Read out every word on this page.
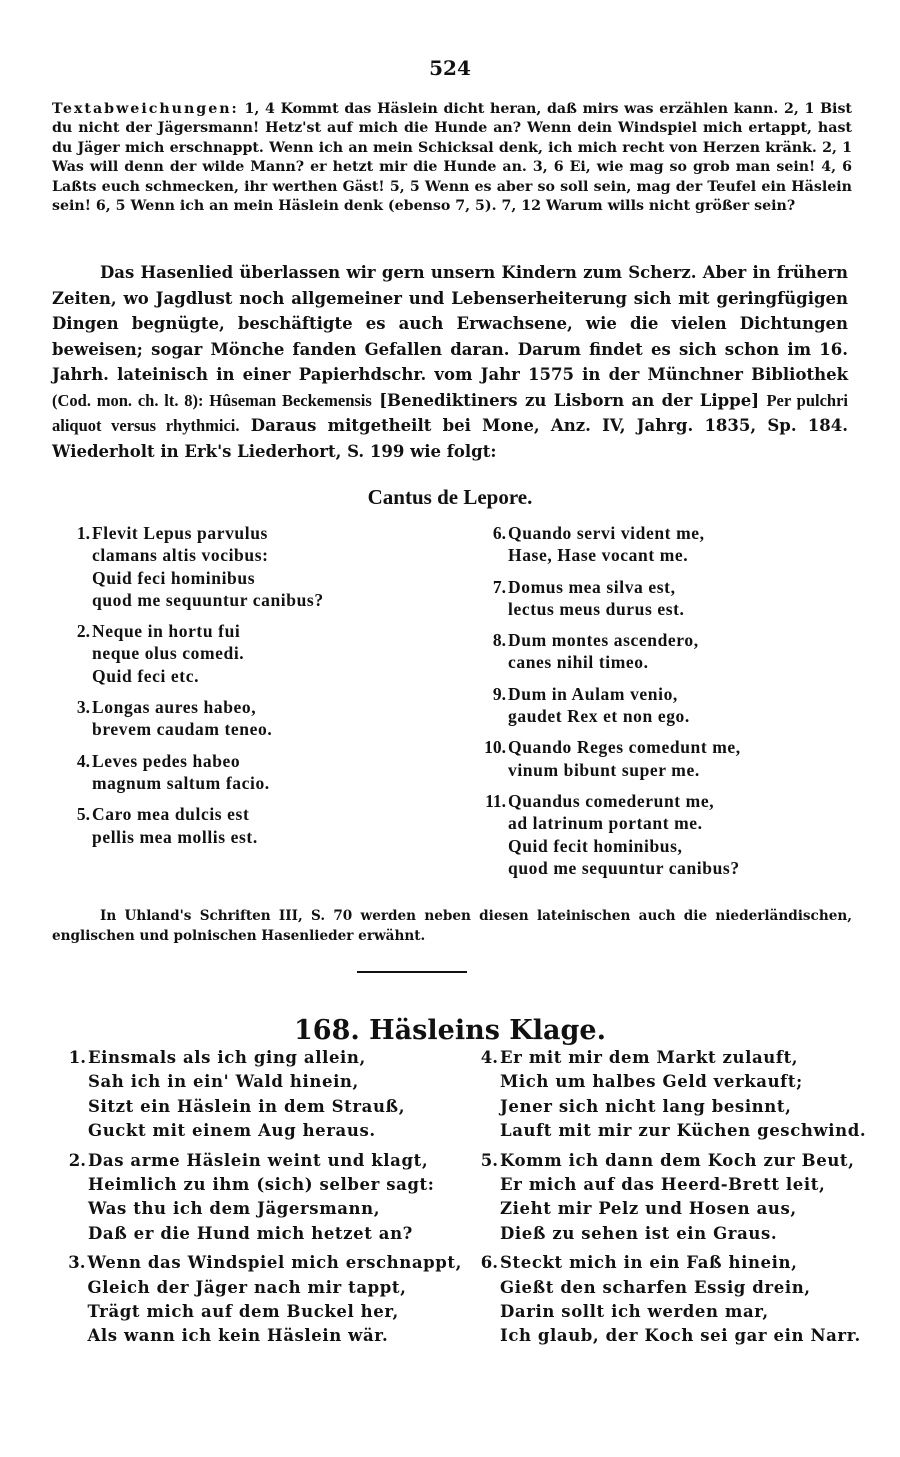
524
Textabweichungen: 1, 4 Kommt das Häslein dicht heran, daß mirs was erzählen kann. 2, 1 Bist du nicht der Jägersmann! Hetz'st auf mich die Hunde an? Wenn dein Windspiel mich ertappt, hast du Jäger mich erschnappt. Wenn ich an mein Schicksal denk, ich mich recht von Herzen kränk. 2, 1 Was will denn der wilde Mann? er hetzt mir die Hunde an. 3, 6 Ei, wie mag so grob man sein! 4, 6 Laßts euch schmecken, ihr werthen Gäst! 5, 5 Wenn es aber so soll sein, mag der Teufel ein Häslein sein! 6, 5 Wenn ich an mein Häslein denk (ebenso 7, 5). 7, 12 Warum wills nicht größer sein?

Das Hasenlied überlassen wir gern unsern Kindern zum Scherz. Aber in frühern Zeiten, wo Jagdlust noch allgemeiner und Lebenserheiterung sich mit geringfügigen Dingen begnügte, beschäftigte es auch Erwachsene, wie die vielen Dichtungen beweisen; sogar Mönche fanden Gefallen daran. Darum findet es sich schon im 16. Jahrh. lateinisch in einer Papierhdschr. vom Jahr 1575 in der Münchner Bibliothek (Cod. mon. ch. lt. 8): Hûseman Beckemensis [Benediktiners zu Lisborn an der Lippe] Per pulchri aliquot versus rhythmici. Daraus mitgetheilt bei Mone, Anz. IV, Jahrg. 1835, Sp. 184. Wiederholt in Erk's Liederhort, S. 199 wie folgt:

Cantus de Lepore.
1. Flevit Lepus parvulus
clamans altis vocibus:
Quid feci hominibus
quod me sequuntur canibus?
2. Neque in hortu fui
neque olus comedi.
Quid feci etc.
3. Longas aures habeo,
brevem caudam teneo.
4. Leves pedes habeo
magnum saltum facio.
5. Caro mea dulcis est
pellis mea mollis est.
6. Quando servi vident me,
Hase, Hase vocant me.
7. Domus mea silva est,
lectus meus durus est.
8. Dum montes ascendero,
canes nihil timeo.
9. Dum in Aulam venio,
gaudet Rex et non ego.
10. Quando Reges comedunt me,
vinum bibunt super me.
11. Quandus comederunt me,
ad latrinum portant me.
Quid fecit hominibus,
quod me sequuntur canibus?

In Uhland's Schriften III, S. 70 werden neben diesen lateinischen auch die niederländischen, englischen und polnischen Hasenlieder erwähnt.

168. Häsleins Klage.
1. Einsmals als ich ging allein,
Sah ich in ein' Wald hinein,
Sitzt ein Häslein in dem Strauß,
Guckt mit einem Aug heraus.
2. Das arme Häslein weint und klagt,
Heimlich zu ihm (sich) selber sagt:
Was thu ich dem Jägersmann,
Daß er die Hund mich hetzet an?
3. Wenn das Windspiel mich erschnappt,
Gleich der Jäger nach mir tappt,
Trägt mich auf dem Buckel her,
Als wann ich kein Häslein wär.
4. Er mit mir dem Markt zulauft,
Mich um halbes Geld verkauft;
Jener sich nicht lang besinnt,
Lauft mit mir zur Küchen geschwind.
5. Komm ich dann dem Koch zur Beut,
Er mich auf das Heerd-Brett leit,
Zieht mir Pelz und Hosen aus,
Dieß zu sehen ist ein Graus.
6. Steckt mich in ein Faß hinein,
Gießt den scharfen Essig drein,
Darin sollt ich werden mar,
Ich glaub, der Koch sei gar ein Narr.
